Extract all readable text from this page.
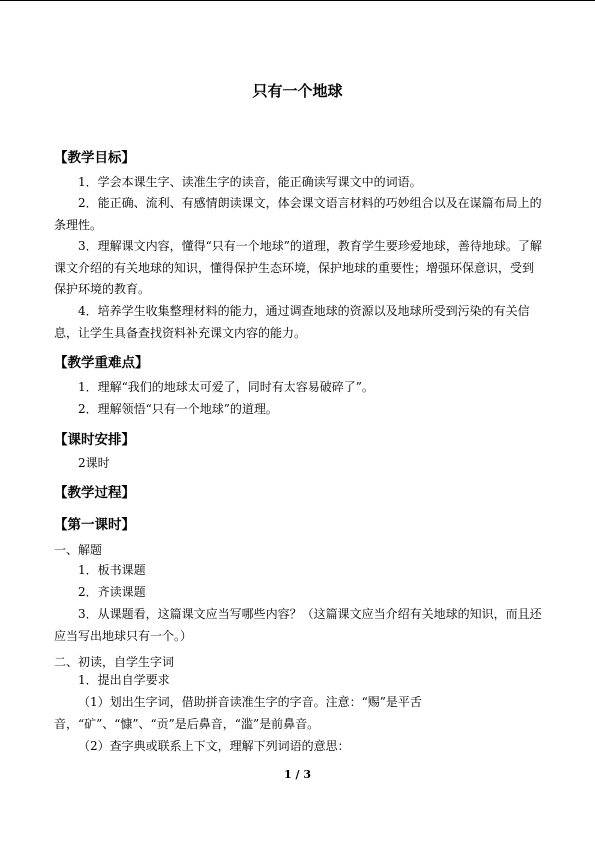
只有一个地球
【教学目标】
1．学会本课生字、读准生字的读音，能正确读写课文中的词语。
2．能正确、流利、有感情朗读课文，体会课文语言材料的巧妙组合以及在谋篇布局上的条理性。
3．理解课文内容，懂得“只有一个地球”的道理，教育学生要珍爱地球，善待地球。了解课文介绍的有关地球的知识，懂得保护生态环境，保护地球的重要性；增强环保意识，受到保护环境的教育。
4．培养学生收集整理材料的能力，通过调查地球的资源以及地球所受到污染的有关信息，让学生具备查找资料补充课文内容的能力。
【教学重难点】
1．理解“我们的地球太可爱了，同时有太容易破碎了”。
2．理解领悟“只有一个地球”的道理。
【课时安排】
2课时
【教学过程】
【第一课时】
一、解题
1．板书课题
2．齐读课题
3．从课题看，这篇课文应当写哪些内容？（这篇课文应当介绍有关地球的知识，而且还应当写出地球只有一个。）
二、初读，自学生字词
1．提出自学要求
（1）划出生字词，借助拼音读准生字的字音。注意：“赐”是平舌音，“矿”、“慷”、“贡”是后鼻音，“滥”是前鼻音。
（2）查字典或联系上下文，理解下列词语的意思：
1 / 3
